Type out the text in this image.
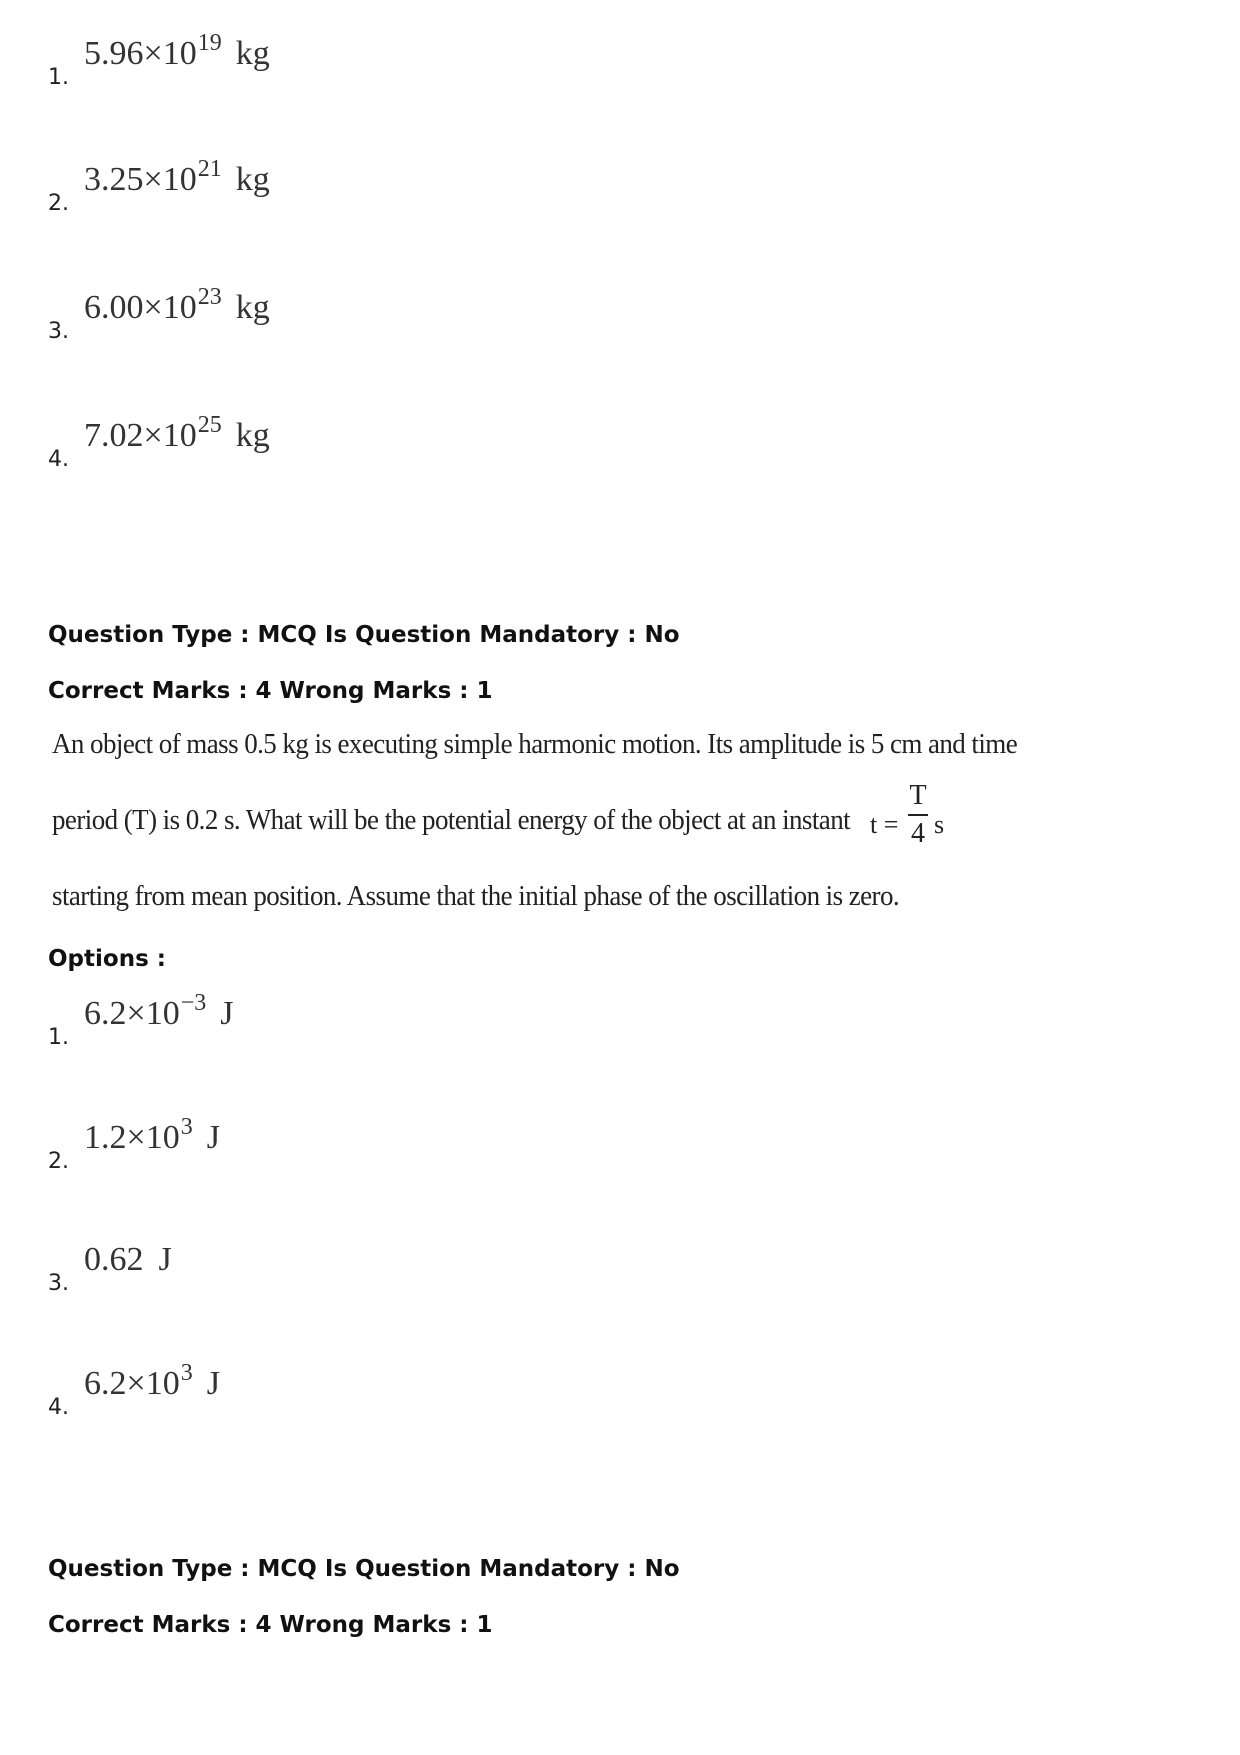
1.
$5.96\times 10^{19}$ kg
2.
$3.25\times 10^{21}$ kg
3.
$6.00\times 10^{23}$ kg
4.
$7.02\times 10^{25}$ kg
Question Type : MCQ Is Question Mandatory : No
Correct Marks : 4 Wrong Marks : 1
An object of mass 0.5 kg is executing simple harmonic motion. Its amplitude is 5 cm and time
period (T) is 0.2 s. What will be the potential energy of the object at an instant t =
T
4 s
starting from mean position. Assume that the initial phase of the oscillation is zero.
Options :
1.
$6.2\times 10^{-3}$ J
2.
$1.2\times 10^3$ J
3.
0.62 J
4.
$6.2\times 10^3$ J
Question Type : MCQ Is Question Mandatory : No
Correct Marks : 4 Wrong Marks : 1
